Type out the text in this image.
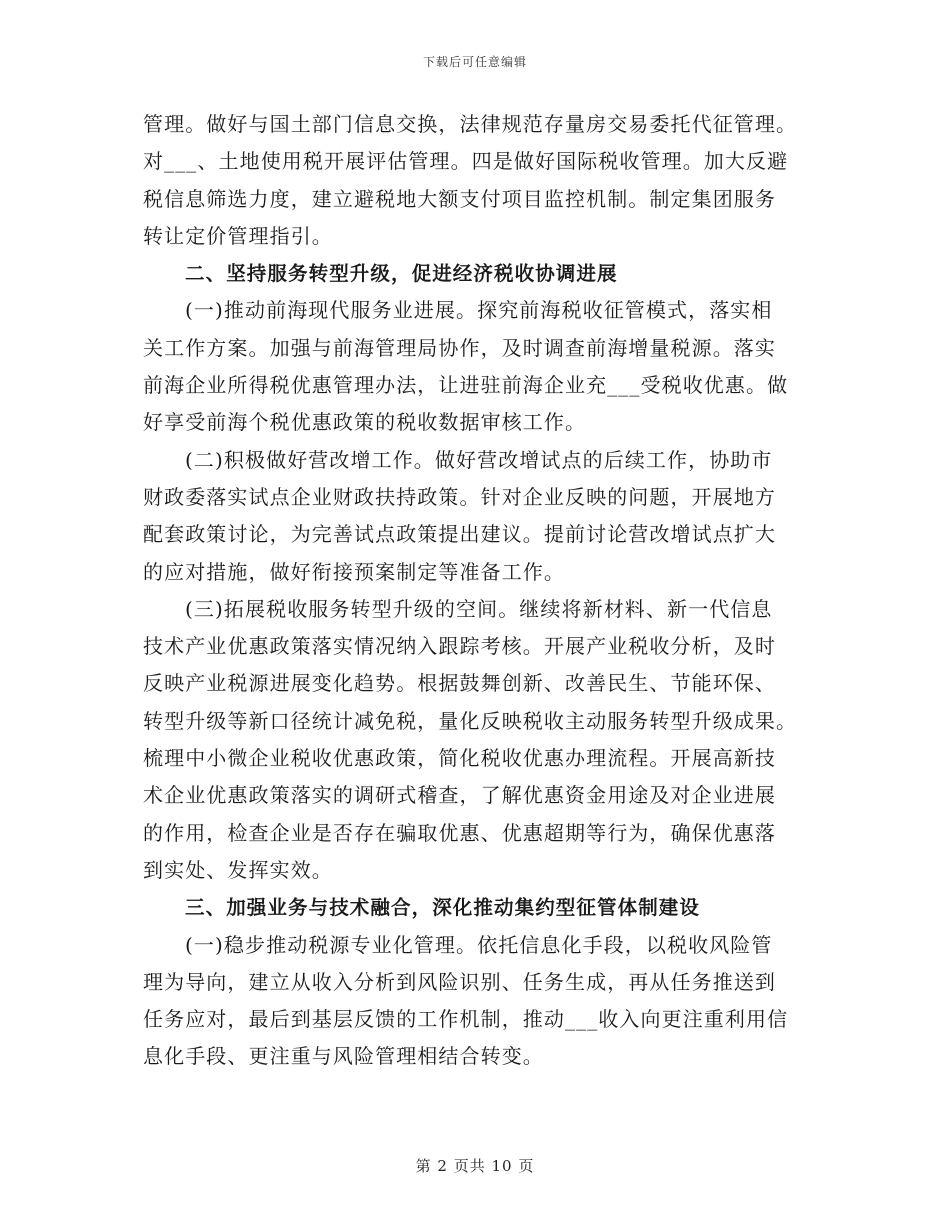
下载后可任意编辑
管理。做好与国土部门信息交换，法律规范存量房交易委托代征管理。
对___、土地使用税开展评估管理。四是做好国际税收管理。加大反避
税信息筛选力度，建立避税地大额支付项目监控机制。制定集团服务
转让定价管理指引。
二、坚持服务转型升级，促进经济税收协调进展
(一)推动前海现代服务业进展。探究前海税收征管模式，落实相
关工作方案。加强与前海管理局协作，及时调查前海增量税源。落实
前海企业所得税优惠管理办法，让进驻前海企业充___受税收优惠。做
好享受前海个税优惠政策的税收数据审核工作。
(二)积极做好营改增工作。做好营改增试点的后续工作，协助市
财政委落实试点企业财政扶持政策。针对企业反映的问题，开展地方
配套政策讨论，为完善试点政策提出建议。提前讨论营改增试点扩大
的应对措施，做好衔接预案制定等准备工作。
(三)拓展税收服务转型升级的空间。继续将新材料、新一代信息
技术产业优惠政策落实情况纳入跟踪考核。开展产业税收分析，及时
反映产业税源进展变化趋势。根据鼓舞创新、改善民生、节能环保、
转型升级等新口径统计减免税，量化反映税收主动服务转型升级成果。
梳理中小微企业税收优惠政策，简化税收优惠办理流程。开展高新技
术企业优惠政策落实的调研式稽查，了解优惠资金用途及对企业进展
的作用，检查企业是否存在骗取优惠、优惠超期等行为，确保优惠落
到实处、发挥实效。
三、加强业务与技术融合，深化推动集约型征管体制建设
(一)稳步推动税源专业化管理。依托信息化手段，以税收风险管
理为导向，建立从收入分析到风险识别、任务生成，再从任务推送到
任务应对，最后到基层反馈的工作机制，推动___收入向更注重利用信
息化手段、更注重与风险管理相结合转变。
第 2 页共 10 页
